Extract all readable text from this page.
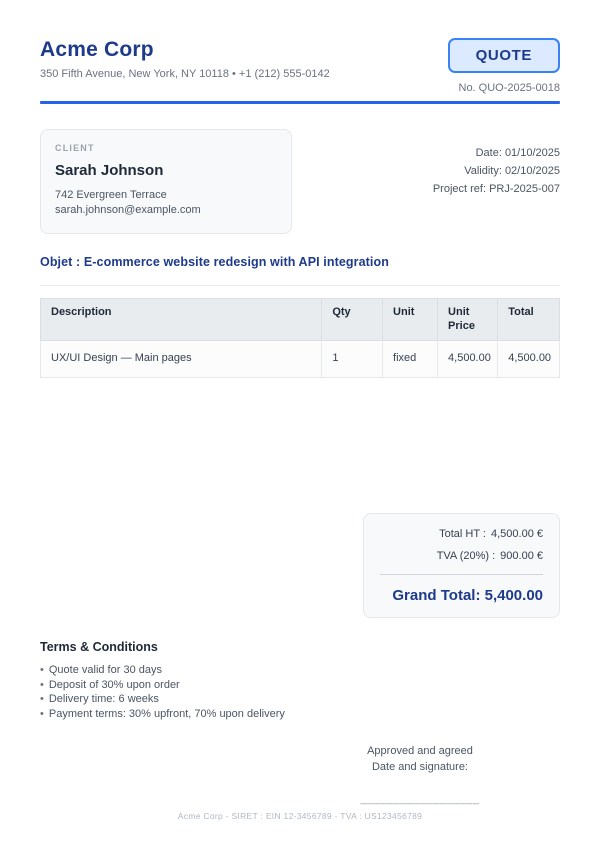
Acme Corp
350 Fifth Avenue, New York, NY 10118 • +1 (212) 555-0142
QUOTE
No. QUO-2025-0018
CLIENT
Sarah Johnson
742 Evergreen Terrace
sarah.johnson@example.com
Date: 01/10/2025
Validity: 02/10/2025
Project ref: PRJ-2025-007
Objet : E-commerce website redesign with API integration
Description	Qty	Unit	Unit Price	Total
UX/UI Design — Main pages	1	fixed	4,500.00	4,500.00
Total HT : 4,500.00 €
TVA (20%) : 900.00 €
Grand Total: 5,400.00
Terms & Conditions
• Quote valid for 30 days
• Deposit of 30% upon order
• Delivery time: 6 weeks
• Payment terms: 30% upfront, 70% upon delivery
Approved and agreed
Date and signature:
__________________
Acme Corp - SIRET : EIN 12-3456789 - TVA : US123456789
